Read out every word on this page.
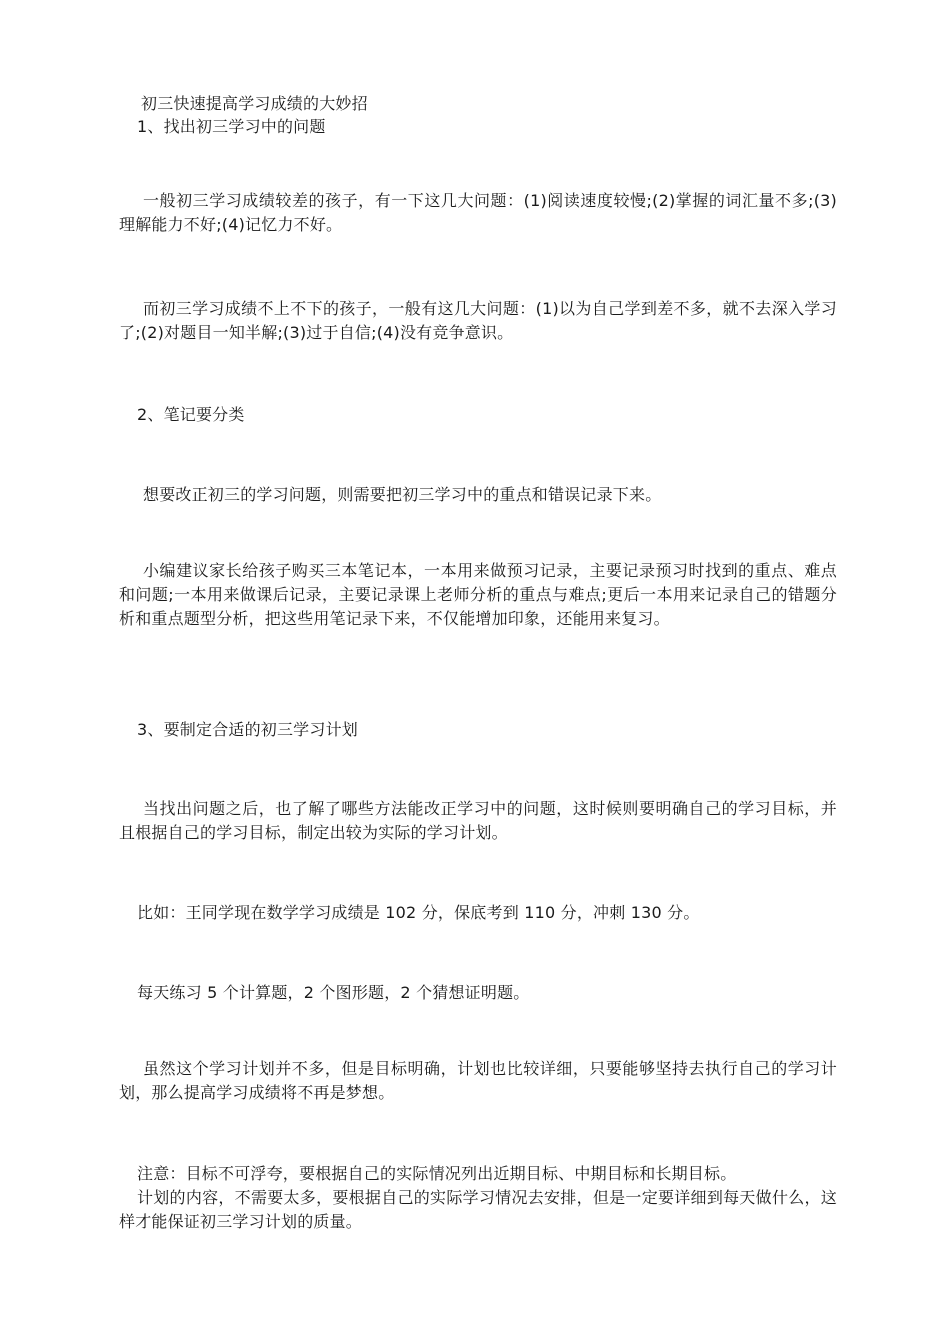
初三快速提高学习成绩的大妙招
1、找出初三学习中的问题
一般初三学习成绩较差的孩子，有一下这几大问题：(1)阅读速度较慢;(2)掌握的词汇量不多;(3)理解能力不好;(4)记忆力不好。
而初三学习成绩不上不下的孩子，一般有这几大问题：(1)以为自己学到差不多，就不去深入学习了;(2)对题目一知半解;(3)过于自信;(4)没有竞争意识。
2、笔记要分类
想要改正初三的学习问题，则需要把初三学习中的重点和错误记录下来。
小编建议家长给孩子购买三本笔记本，一本用来做预习记录，主要记录预习时找到的重点、难点和问题;一本用来做课后记录，主要记录课上老师分析的重点与难点;更后一本用来记录自己的错题分析和重点题型分析，把这些用笔记录下来，不仅能增加印象，还能用来复习。
3、要制定合适的初三学习计划
当找出问题之后，也了解了哪些方法能改正学习中的问题，这时候则要明确自己的学习目标，并且根据自己的学习目标，制定出较为实际的学习计划。
比如：王同学现在数学学习成绩是 102 分，保底考到 110 分，冲刺 130 分。
每天练习 5 个计算题，2 个图形题，2 个猜想证明题。
虽然这个学习计划并不多，但是目标明确，计划也比较详细，只要能够坚持去执行自己的学习计划，那么提高学习成绩将不再是梦想。
注意：目标不可浮夸，要根据自己的实际情况列出近期目标、中期目标和长期目标。
计划的内容，不需要太多，要根据自己的实际学习情况去安排，但是一定要详细到每天做什么，这样才能保证初三学习计划的质量。
